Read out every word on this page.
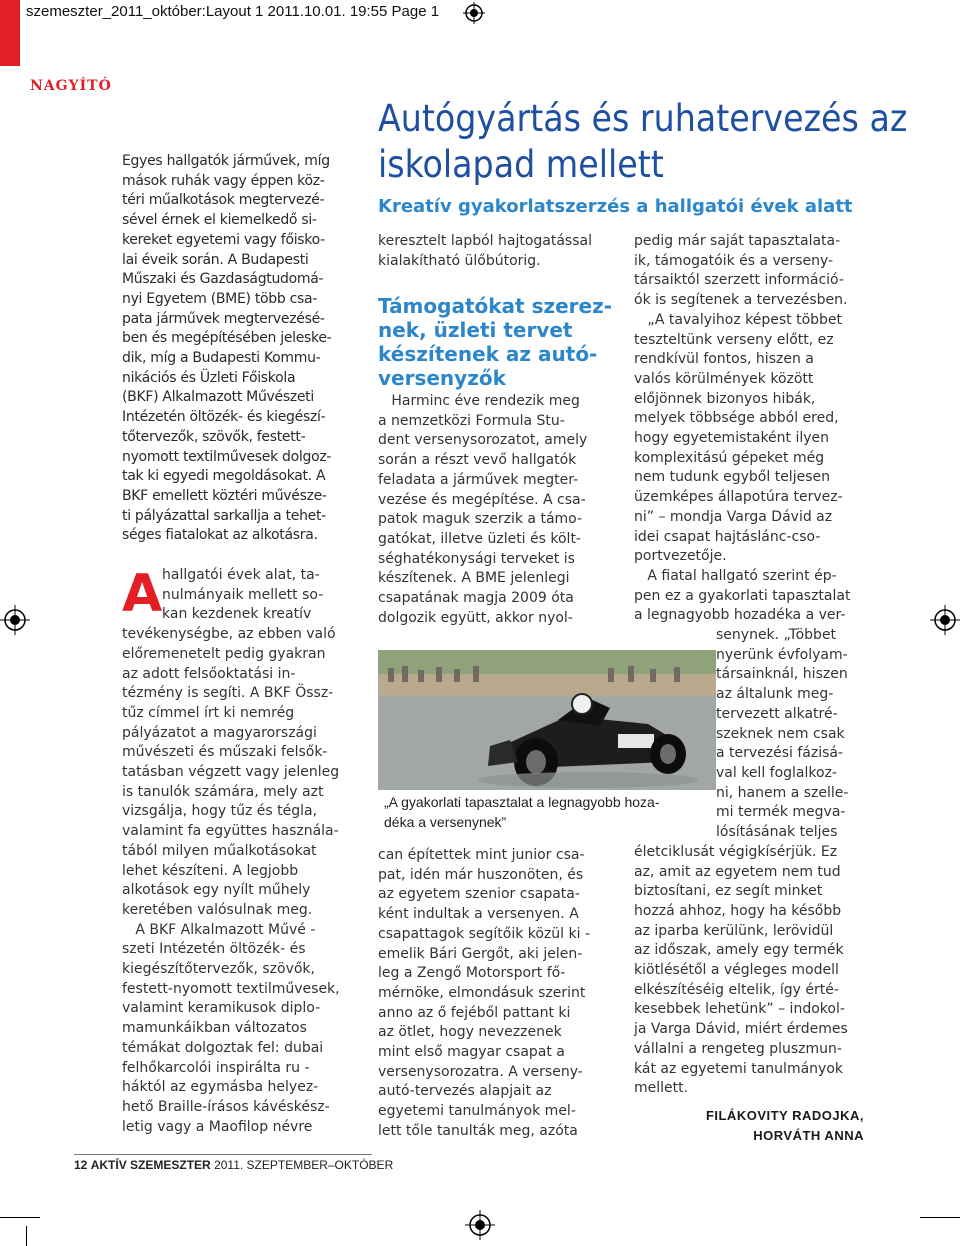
szemeszter_2011_október:Layout 1 2011.10.01. 19:55 Page 1
NAGYÍTÓ
Autógyártás és ruhatervezés az iskolapad mellett
Kreatív gyakorlatszerzés a hallgatói évek alatt
Egyes hallgatók járművek, míg
mások ruhák vagy éppen köz-
téri műalkotások megtervezé-
sével érnek el kiemelkedő si-
kereket egyetemi vagy főisko-
lai éveik során. A Budapesti
Műszaki és Gazdaságtudomá-
nyi Egyetem (BME) több csa-
pata járművek megtervezésé-
ben és megépítésében jeleske-
dik, míg a Budapesti Kommu-
nikációs és Üzleti Főiskola
(BKF) Alkalmazott Művészeti
Intézetén öltözék- és kiegészí-
tőtervezők, szövők, festett-
nyomott textilművesek dolgoz-
tak ki egyedi megoldásokat. A
BKF emellett köztéri művésze-
ti pályázattal sarkallja a tehet-
séges fiatalokat az alkotásra.
A hallgatói évek alat, ta-
nulmányaik mellett so-
kan kezdenek kreatív
tevékenységbe, az ebben való
előremenetelt pedig gyakran
az adott felsőoktatási in-
tézmény is segíti. A BKF Össz-
tűz címmel írt ki nemrég
pályázatot a magyarországi
művészeti és műszaki felsők-
tatásban végzett vagy jelenleg
is tanulók számára, mely azt
vizsgálja, hogy tűz és tégla,
valamint fa együttes használa-
tából milyen műalkotásokat
lehet készíteni. A legjobb
alkotások egy nyílt műhely
keretében valósulnak meg.
A BKF Alkalmazott Művé -
szeti Intézetén öltözék- és
kiegészítőtervezők, szövők,
festett-nyomott textilművesek,
valamint keramikusok diplo-
mamunkáikban változatos
témákat dolgoztak fel: dubai
felhőkarcolói inspirálta ru -
háktól az egymásba helyez-
hető Braille-írásos kávéskész-
letig vagy a Maofilop névre
keresztelt lapból hajtogatással
kialakítható ülőbútorig.
Támogatókat szerez-
nek, üzleti tervet
készítenek az autó-
versenyzők
Harminc éve rendezik meg
a nemzetközi Formula Stu-
dent versenysorozatot, amely
során a részt vevő hallgatók
feladata a járművek megter-
vezése és megépítése. A csa-
patok maguk szerzik a támo-
gatókat, illetve üzleti és költ-
séghatékonysági terveket is
készítenek. A BME jelenlegi
csapatának magja 2009 óta
dolgozik együtt, akkor nyol-
„A gyakorlati tapasztalat a legnagyobb hoza-
déka a versenynek”
can építettek mint junior csa-
pat, idén már huszonöten, és
az egyetem szenior csapata-
ként indultak a versenyen. A
csapattagok segítőik közül ki -
emelik Bári Gergőt, aki jelen-
leg a Zengő Motorsport fő-
mérnöke, elmondásuk szerint
anno az ő fejéből pattant ki
az ötlet, hogy nevezzenek
mint első magyar csapat a
versenysorozatra. A verseny-
autó-tervezés alapjait az
egyetemi tanulmányok mel-
lett tőle tanulták meg, azóta
pedig már saját tapasztalata-
ik, támogatóik és a verseny-
társaiktól szerzett információ-
ók is segítenek a tervezésben.
„A tavalyihoz képest többet
teszteltünk verseny előtt, ez
rendkívül fontos, hiszen a
valós körülmények között
előjönnek bizonyos hibák,
melyek többsége abból ered,
hogy egyetemistaként ilyen
komplexitású gépeket még
nem tudunk egyből teljesen
üzemképes állapotúra tervez-
ni” – mondja Varga Dávid az
idei csapat hajtáslánc-cso-
portvezetője.
A fiatal hallgató szerint ép-
pen ez a gyakorlati tapasztalat
a legnagyobb hozadéka a ver-
senynek. „Többet
nyerünk évfolyam-
társainknál, hiszen
az általunk meg-
tervezett alkatré-
szeknek nem csak
a tervezési fázisá-
val kell foglalkoz-
ni, hanem a szelle-
mi termék megva-
lósításának teljes
életciklusát végigkísérjük. Ez
az, amit az egyetem nem tud
biztosítani, ez segít minket
hozzá ahhoz, hogy ha később
az iparba kerülünk, lerövidül
az időszak, amely egy termék
kiötlésétől a végleges modell
elkészítéséig eltelik, így érté-
kesebbek lehetünk” – indokol-
ja Varga Dávid, miért érdemes
vállalni a rengeteg pluszmun-
kát az egyetemi tanulmányok
mellett.
FILÁKOVITY RADOJKA,
HORVÁTH ANNA
12 AKTÍV SZEMESZTER 2011. SZEPTEMBER–OKTÓBER
